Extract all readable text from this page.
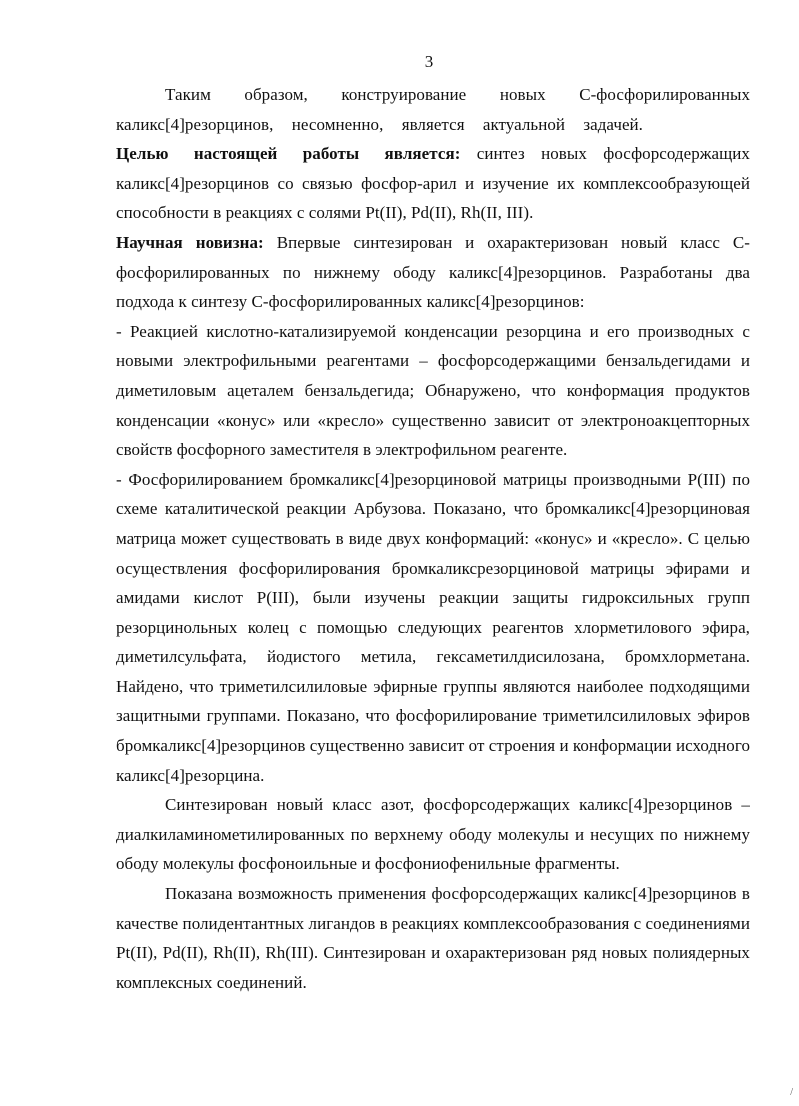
3

Таким образом, конструирование новых С-фосфорилированных каликс[4]резорцинов, несомненно, является актуальной задачей.

Целью настоящей работы является: синтез новых фосфорсодержащих каликс[4]резорцинов со связью фосфор-арил и изучение их комплексообразующей способности в реакциях с солями Pt(II), Pd(II), Rh(II, III).

Научная новизна: Впервые синтезирован и охарактеризован новый класс С-фосфорилированных по нижнему ободу каликс[4]резорцинов. Разработаны два подхода к синтезу С-фосфорилированных каликс[4]резорцинов:

- Реакцией кислотно-катализируемой конденсации резорцина и его производных с новыми электрофильными реагентами – фосфорсодержащими бензальдегидами и диметиловым ацеталем бензальдегида; Обнаружено, что конформация продуктов конденсации «конус» или «кресло» существенно зависит от электроноакцепторных свойств фосфорного заместителя в электрофильном реагенте.

- Фосфорилированием бромкаликс[4]резорциновой матрицы производными P(III) по схеме каталитической реакции Арбузова. Показано, что бромкаликс[4]резорциновая матрица может существовать в виде двух конформаций: «конус» и «кресло». С целью осуществления фосфорилирования бромкаликсрезорциновой матрицы эфирами и амидами кислот P(III), были изучены реакции защиты гидроксильных групп резорцинольных колец с помощью следующих реагентов хлорметилового эфира, диметилсульфата, йодистого метила, гексаметилдисилозана, бромхлорметана. Найдено, что триметилсилиловые эфирные группы являются наиболее подходящими защитными группами. Показано, что фосфорилирование триметилсилиловых эфиров бромкаликс[4]резорцинов существенно зависит от строения и конформации исходного каликс[4]резорцина.

Синтезирован новый класс азот, фосфорсодержащих каликс[4]резорцинов – диалкиламинометилированных по верхнему ободу молекулы и несущих по нижнему ободу молекулы фосфоноильные и фосфониофенильные фрагменты.

Показана возможность применения фосфорсодержащих каликс[4]резорцинов в качестве полидентантных лигандов в реакциях комплексообразования с соединениями Pt(II), Pd(II), Rh(II), Rh(III). Синтезирован и охарактеризован ряд новых полиядерных комплексных соединений.

/
